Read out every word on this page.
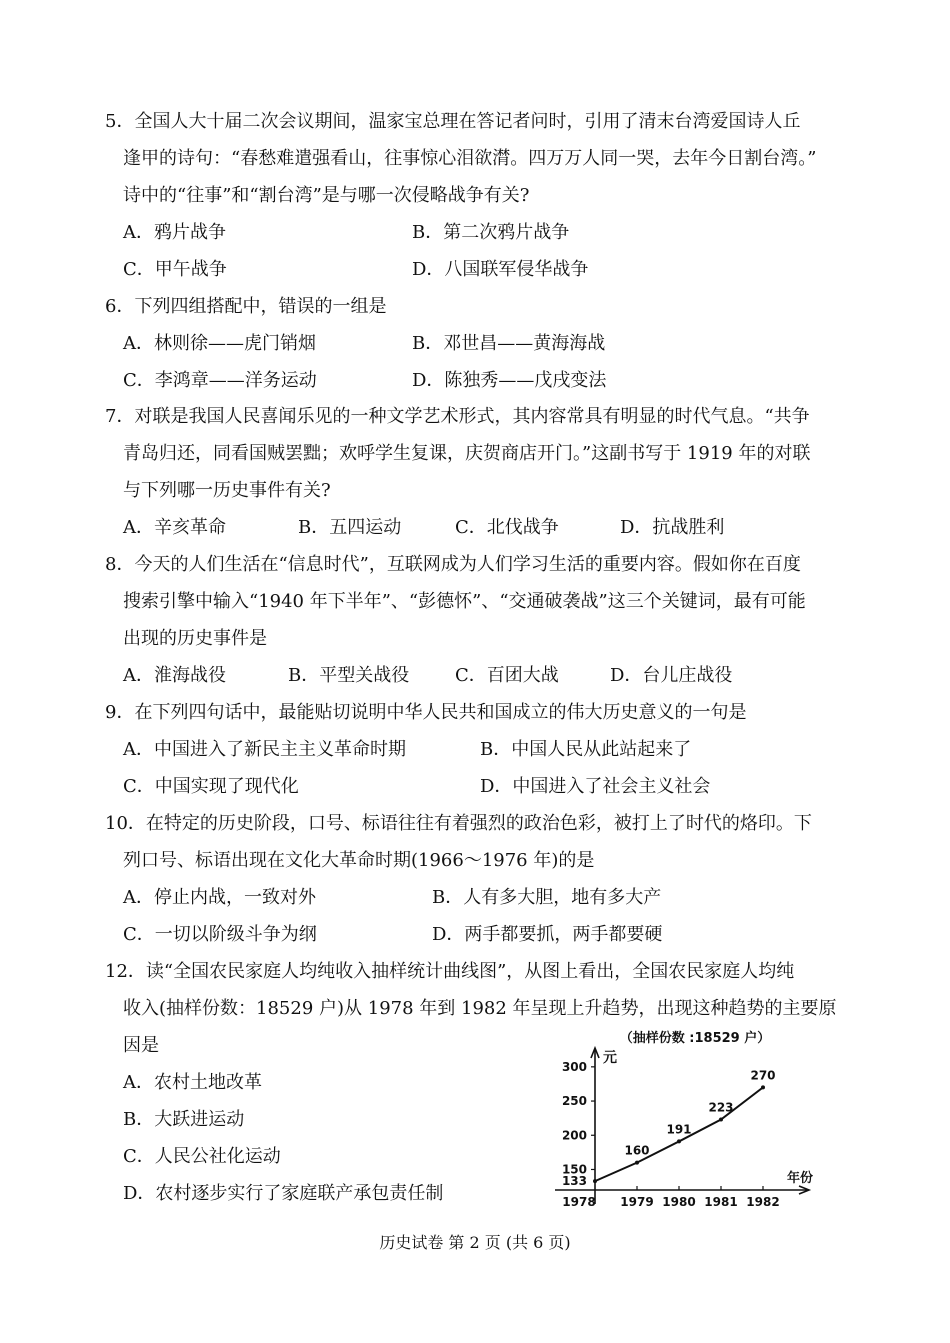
5．全国人大十届二次会议期间，温家宝总理在答记者问时，引用了清末台湾爱国诗人丘
逢甲的诗句：“春愁难遣强看山，往事惊心泪欲潸。四万万人同一哭，去年今日割台湾。”
诗中的“往事”和“割台湾”是与哪一次侵略战争有关?
A．鸦片战争	B．第二次鸦片战争
C．甲午战争	D．八国联军侵华战争
6．下列四组搭配中，错误的一组是
A．林则徐——虎门销烟	B．邓世昌——黄海海战
C．李鸿章——洋务运动	D．陈独秀——戊戌变法
7．对联是我国人民喜闻乐见的一种文学艺术形式，其内容常具有明显的时代气息。“共争
青岛归还，同看国贼罢黜；欢呼学生复课，庆贺商店开门。”这副书写于 1919 年的对联
与下列哪一历史事件有关?
A．辛亥革命	B．五四运动	C．北伐战争	D．抗战胜利
8．今天的人们生活在“信息时代”，互联网成为人们学习生活的重要内容。假如你在百度
搜索引擎中输入“1940 年下半年”、“彭德怀”、“交通破袭战”这三个关键词，最有可能
出现的历史事件是
A．淮海战役	B．平型关战役	C．百团大战	D．台儿庄战役
9．在下列四句话中，最能贴切说明中华人民共和国成立的伟大历史意义的一句是
A．中国进入了新民主主义革命时期	B．中国人民从此站起来了
C．中国实现了现代化	D．中国进入了社会主义社会
10．在特定的历史阶段，口号、标语往往有着强烈的政治色彩，被打上了时代的烙印。下
列口号、标语出现在文化大革命时期(1966～1976 年)的是
A．停止内战，一致对外	B．人有多大胆，地有多大产
C．一切以阶级斗争为纲	D．两手都要抓，两手都要硬
12．读“全国农民家庭人均纯收入抽样统计曲线图”，从图上看出，全国农民家庭人均纯
收入(抽样份数：18529 户)从 1978 年到 1982 年呈现上升趋势，出现这种趋势的主要原
因是
A．农村土地改革
B．大跃进运动
C．人民公社化运动
D．农村逐步实行了家庭联产承包责任制
（抽样份数 :18529 户）
元
年份
150
200
250
300
1978 1979 1980 1981 1982
133
160
191
223
270
历史试卷 第 2 页 (共 6 页)
